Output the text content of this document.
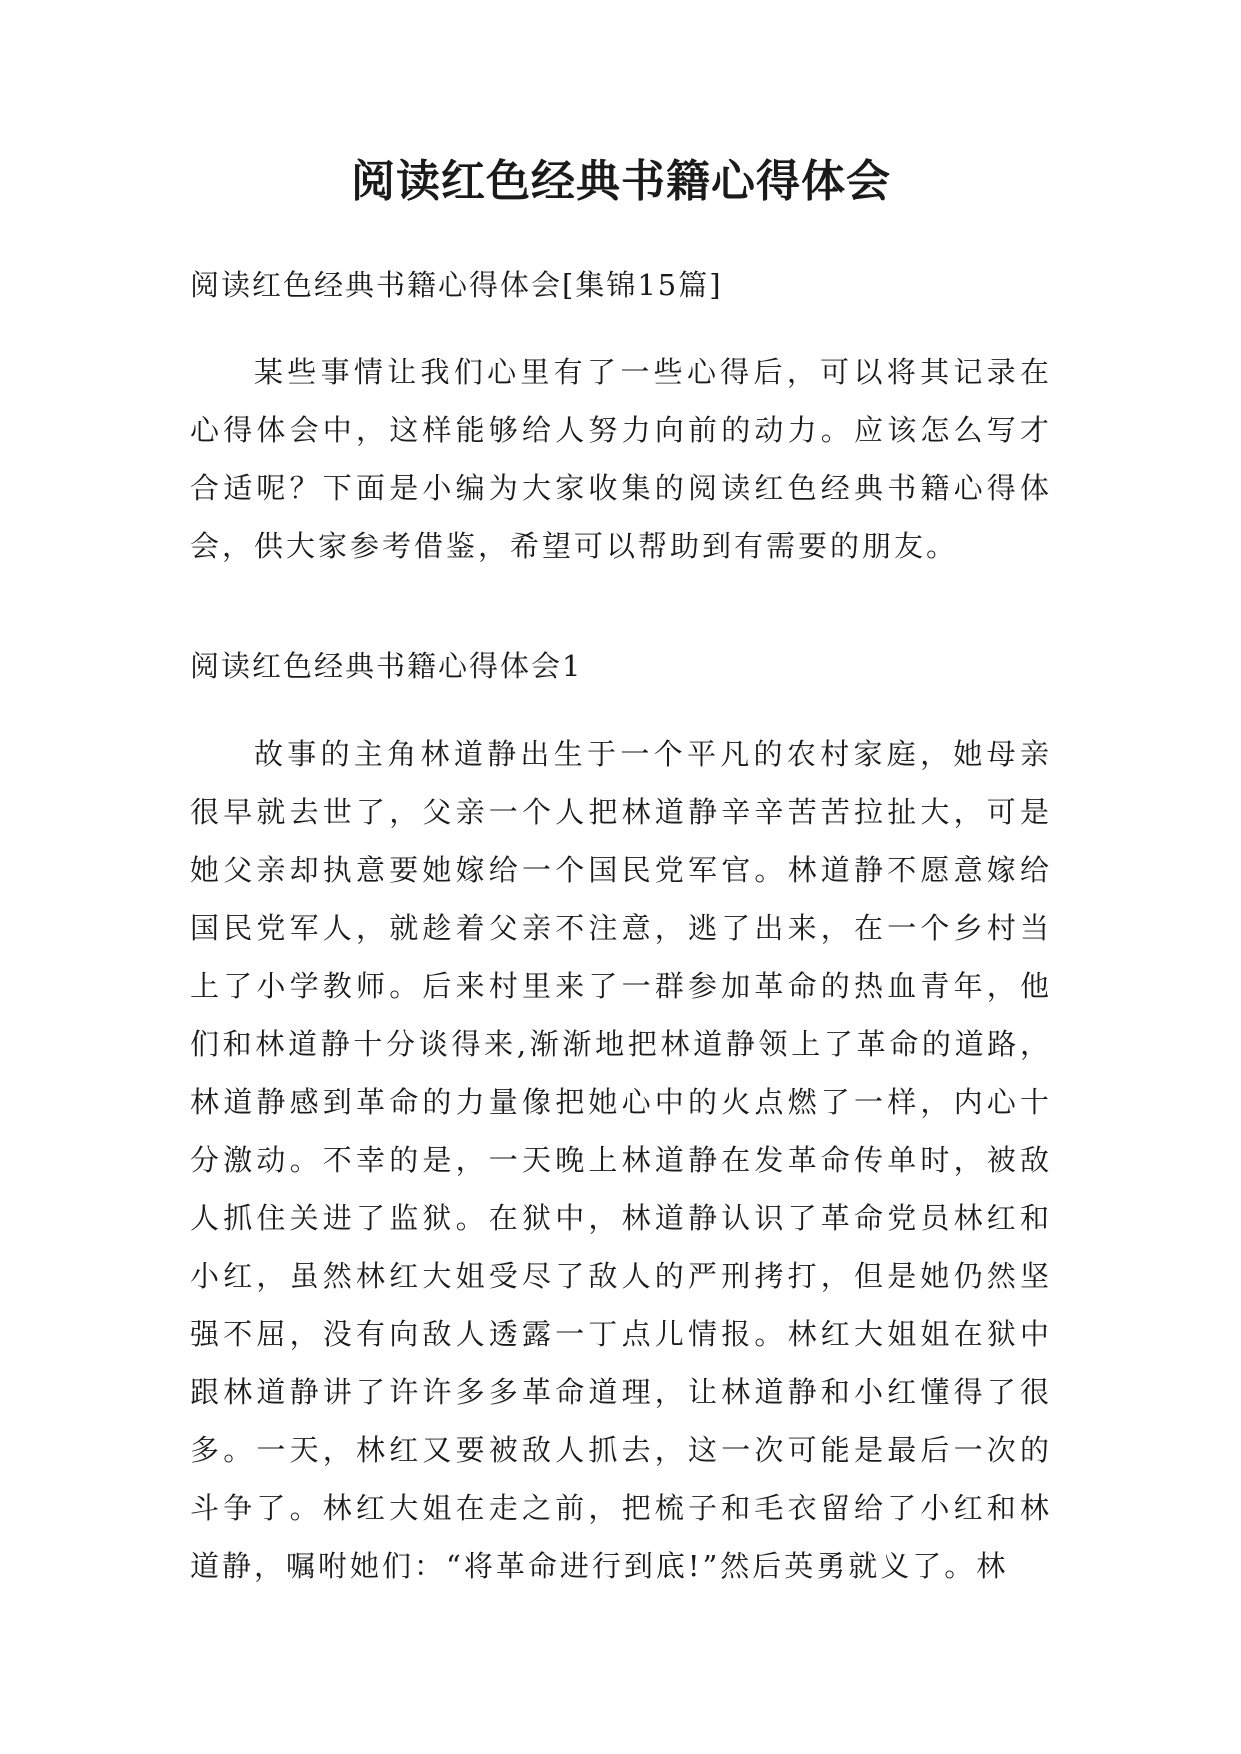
阅读红色经典书籍心得体会

阅读红色经典书籍心得体会[集锦15篇]

某些事情让我们心里有了一些心得后，可以将其记录在心得体会中，这样能够给人努力向前的动力。应该怎么写才合适呢？下面是小编为大家收集的阅读红色经典书籍心得体会，供大家参考借鉴，希望可以帮助到有需要的朋友。

阅读红色经典书籍心得体会1

故事的主角林道静出生于一个平凡的农村家庭，她母亲很早就去世了，父亲一个人把林道静辛辛苦苦拉扯大，可是她父亲却执意要她嫁给一个国民党军官。林道静不愿意嫁给国民党军人，就趁着父亲不注意，逃了出来，在一个乡村当上了小学教师。后来村里来了一群参加革命的热血青年，他们和林道静十分谈得来,渐渐地把林道静领上了革命的道路，林道静感到革命的力量像把她心中的火点燃了一样，内心十分激动。不幸的是，一天晚上林道静在发革命传单时，被敌人抓住关进了监狱。在狱中，林道静认识了革命党员林红和小红，虽然林红大姐受尽了敌人的严刑拷打，但是她仍然坚强不屈，没有向敌人透露一丁点儿情报。林红大姐姐在狱中跟林道静讲了许许多多革命道理，让林道静和小红懂得了很多。一天，林红又要被敌人抓去，这一次可能是最后一次的斗争了。林红大姐在走之前，把梳子和毛衣留给了小红和林道静，嘱咐她们：“将革命进行到底!”然后英勇就义了。林
